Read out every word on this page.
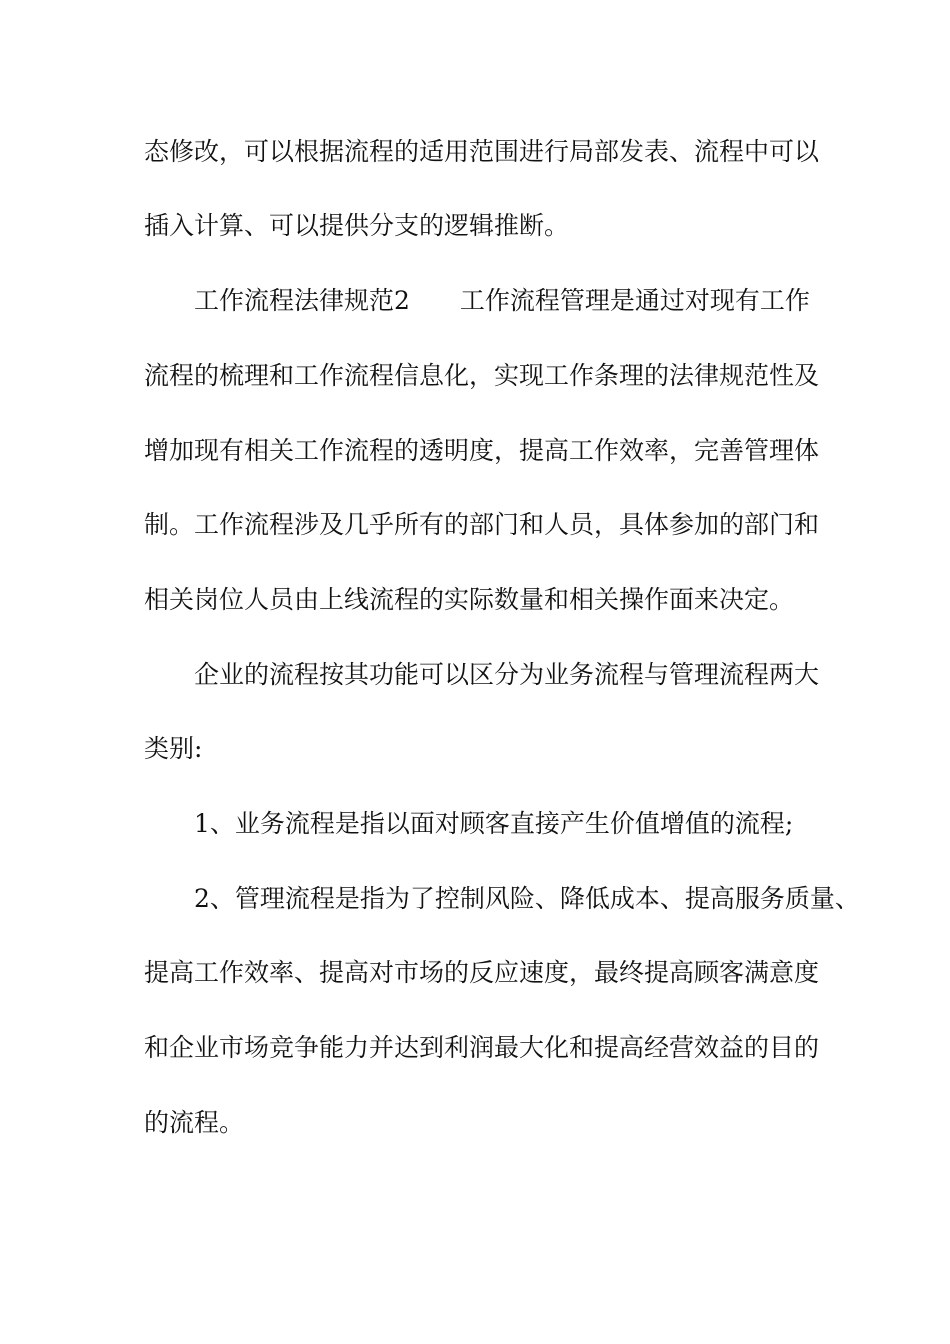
态修改，可以根据流程的适用范围进行局部发表、流程中可以

插入计算、可以提供分支的逻辑推断。

工作流程法律规范2　　工作流程管理是通过对现有工作

流程的梳理和工作流程信息化，实现工作条理的法律规范性及

增加现有相关工作流程的透明度，提高工作效率，完善管理体

制。工作流程涉及几乎所有的部门和人员，具体参加的部门和

相关岗位人员由上线流程的实际数量和相关操作面来决定。

企业的流程按其功能可以区分为业务流程与管理流程两大

类别:

1、业务流程是指以面对顾客直接产生价值增值的流程;

2、管理流程是指为了控制风险、降低成本、提高服务质量、

提高工作效率、提高对市场的反应速度，最终提高顾客满意度

和企业市场竞争能力并达到利润最大化和提高经营效益的目的

的流程。
